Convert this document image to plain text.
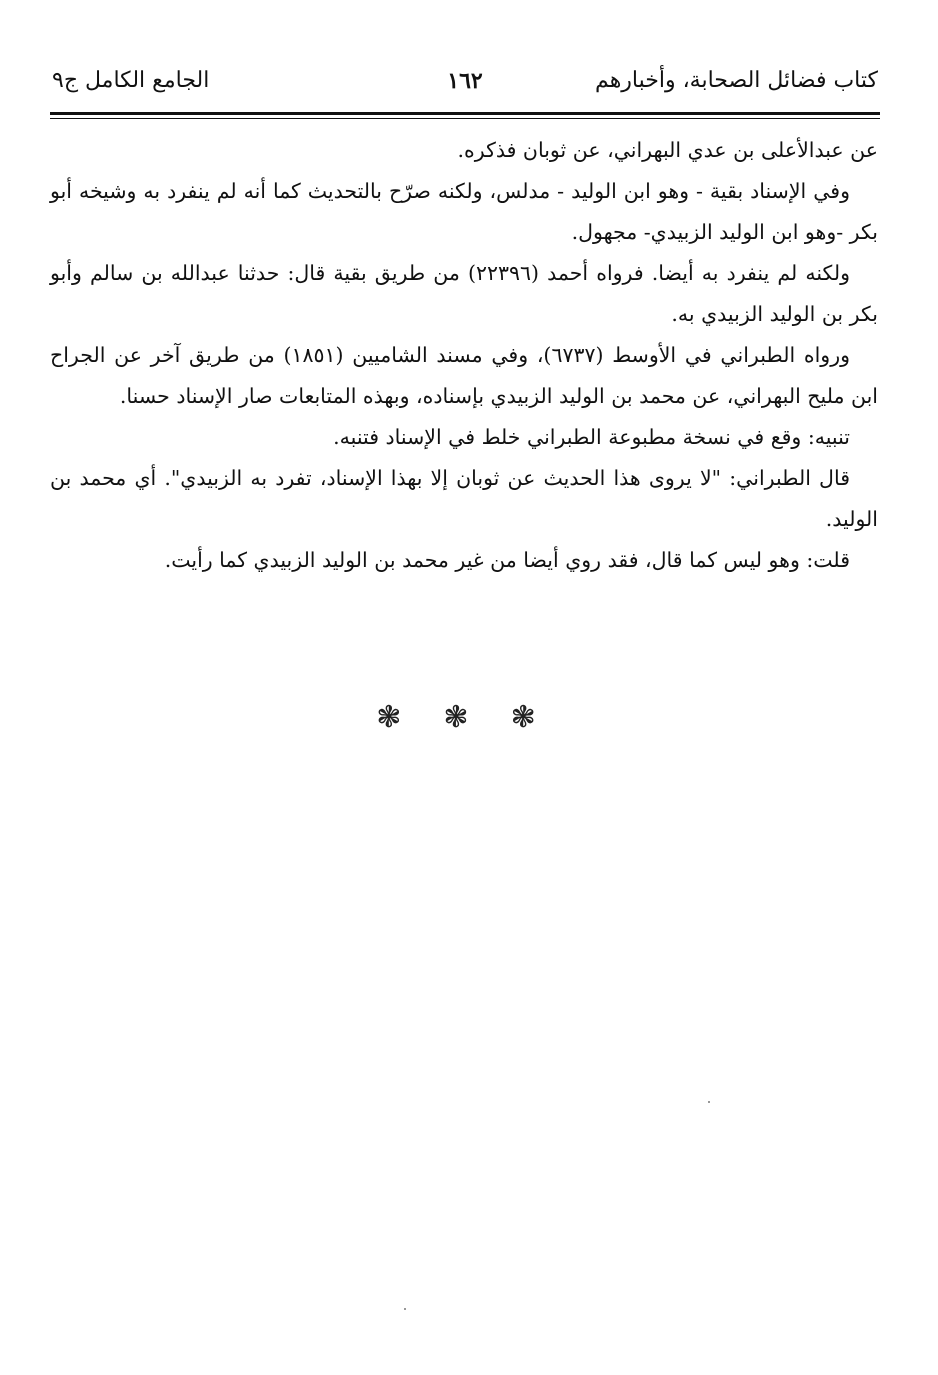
كتاب فضائل الصحابة، وأخبارهم
١٦٢
الجامع الكامل ج٩

عن عبدالأعلى بن عدي البهراني، عن ثوبان فذكره.

وفي الإسناد بقية - وهو ابن الوليد - مدلس، ولكنه صرّح بالتحديث كما أنه لم ينفرد به وشيخه أبو بكر -وهو ابن الوليد الزبيدي- مجهول.

ولكنه لم ينفرد به أيضا. فرواه أحمد (٢٢٣٩٦) من طريق بقية قال: حدثنا عبدالله بن سالم وأبو بكر بن الوليد الزبيدي به.

ورواه الطبراني في الأوسط (٦٧٣٧)، وفي مسند الشاميين (١٨٥١) من طريق آخر عن الجراح ابن مليح البهراني، عن محمد بن الوليد الزبيدي بإسناده، وبهذه المتابعات صار الإسناد حسنا.

تنبيه: وقع في نسخة مطبوعة الطبراني خلط في الإسناد فتنبه.

قال الطبراني: "لا يروى هذا الحديث عن ثوبان إلا بهذا الإسناد، تفرد به الزبيدي". أي محمد بن الوليد.

قلت: وهو ليس كما قال، فقد روي أيضا من غير محمد بن الوليد الزبيدي كما رأيت.

❃ ❃ ❃
